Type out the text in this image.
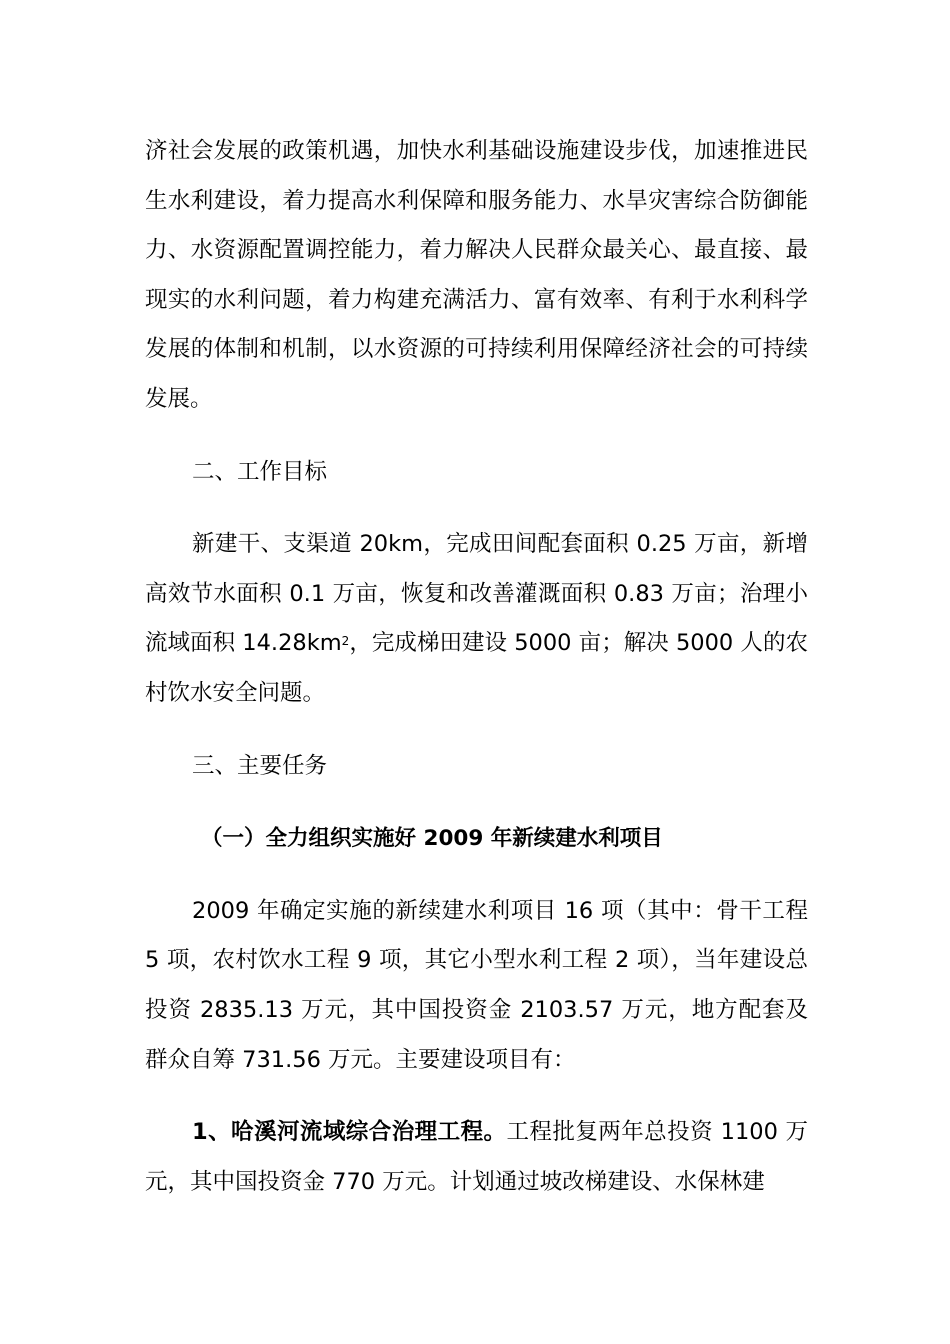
济社会发展的政策机遇，加快水利基础设施建设步伐，加速推进民生水利建设，着力提高水利保障和服务能力、水旱灾害综合防御能力、水资源配置调控能力，着力解决人民群众最关心、最直接、最现实的水利问题，着力构建充满活力、富有效率、有利于水利科学发展的体制和机制，以水资源的可持续利用保障经济社会的可持续发展。

二、工作目标

新建干、支渠道 20km，完成田间配套面积 0.25 万亩，新增高效节水面积 0.1 万亩，恢复和改善灌溉面积 0.83 万亩；治理小流域面积 $14.28km^2$，完成梯田建设 5000 亩；解决 5000 人的农村饮水安全问题。

三、主要任务

（一）全力组织实施好 2009 年新续建水利项目

2009 年确定实施的新续建水利项目 16 项（其中：骨干工程 5 项，农村饮水工程 9 项，其它小型水利工程 2 项），当年建设总投资 2835.13 万元，其中国投资金 2103.57 万元，地方配套及群众自筹 731.56 万元。主要建设项目有：

1、哈溪河流域综合治理工程。工程批复两年总投资 1100 万元，其中国投资金 770 万元。计划通过坡改梯建设、水保林建
